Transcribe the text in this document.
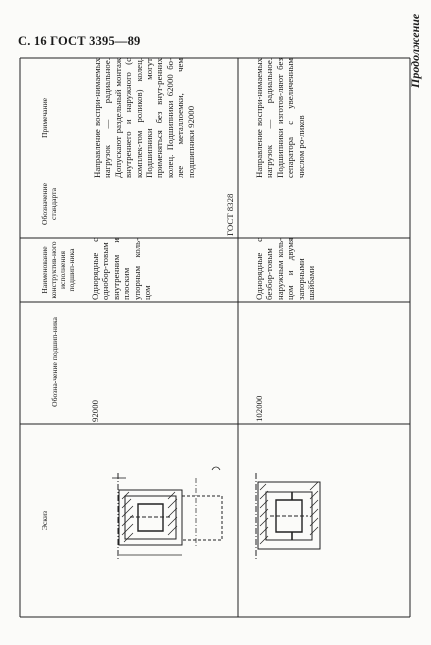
С. 16 ГОСТ 3395—89	Продолжение
Эскиз
Обозна-чение подшип-ника
Наименование конструктив-ного исполнения подшип-ника
Обозначение стандарта
Примечание
92000
Однорядные с однобор-товым внутренним и плоским упорным коль-цом
ГОСТ 8328
Направление воспри-нимаемых нагрузок — радиальное. Допускают раздельный монтаж внутреннего и наружного (с комплек-том роликов) колец. Подшипники могут применяться без внут-ренних колец. Подшипники 62000 бо-лее металлоемки, чем подшипники 92000
102000
Однорядные с безбор-товым наружным коль-цом и двумя запорными шайбами
Направление воспри-нимаемых нагрузок — радиальное. Подшипники изготов-ляют без сепаратора с увеличенным числом ро-ликов
